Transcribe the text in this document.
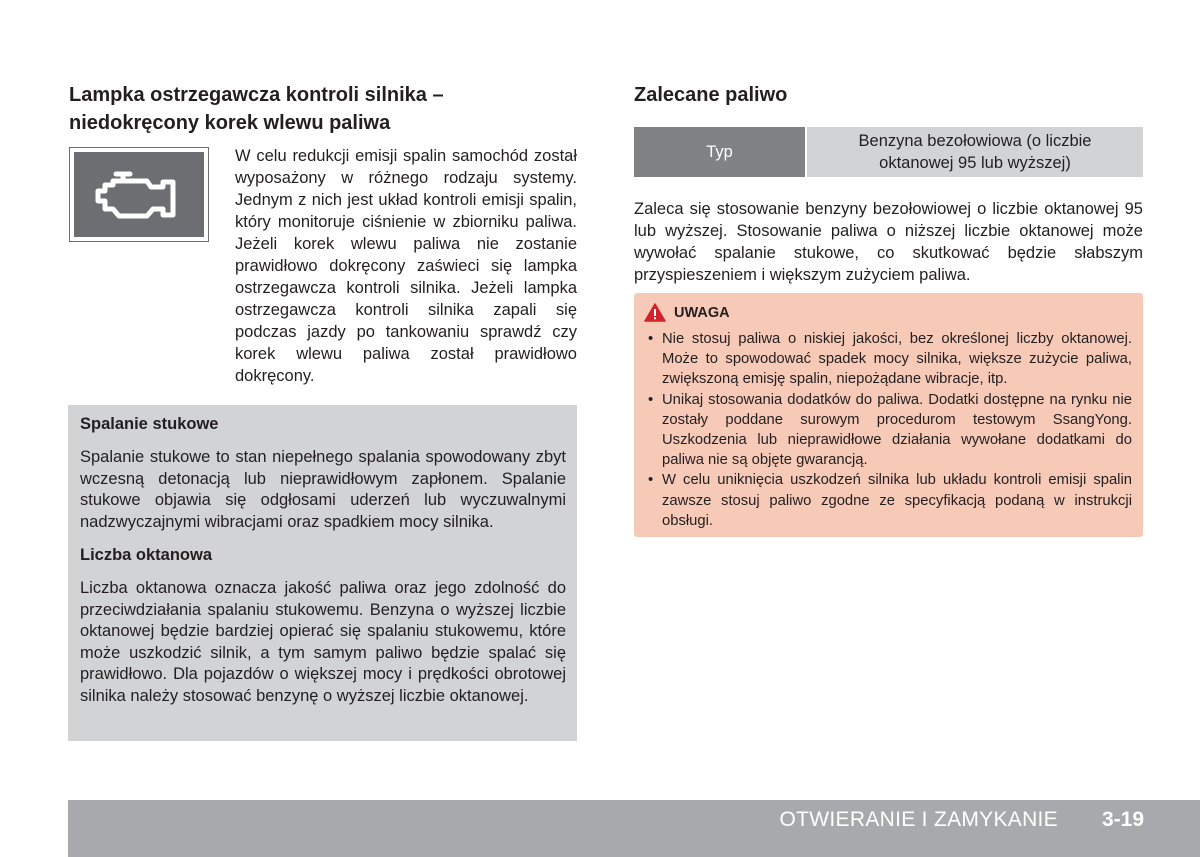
Lampka ostrzegawcza kontroli silnika –
niedokręcony korek wlewu paliwa
W celu redukcji emisji spalin samochód został wyposażony w różnego rodzaju systemy. Jednym z nich jest układ kontroli emisji spalin, który monitoruje ciśnienie w zbiorniku paliwa. Jeżeli korek wlewu paliwa nie zostanie prawidłowo dokręcony zaświeci się lampka ostrzegawcza kontroli silnika. Jeżeli lampka ostrzegawcza kontroli silnika zapali się podczas jazdy po tankowaniu sprawdź czy korek wlewu paliwa został prawidłowo dokręcony.
Spalanie stukowe
Spalanie stukowe to stan niepełnego spalania spowodowany zbyt wczesną detonacją lub nieprawidłowym zapłonem. Spalanie stukowe objawia się odgłosami uderzeń lub wyczuwalnymi nadzwyczajnymi wibracjami oraz spadkiem mocy silnika.
Liczba oktanowa
Liczba oktanowa oznacza jakość paliwa oraz jego zdolność do przeciwdziałania spalaniu stukowemu. Benzyna o wyższej liczbie oktanowej będzie bardziej opierać się spalaniu stukowemu, które może uszkodzić silnik, a tym samym paliwo będzie spalać się prawidłowo. Dla pojazdów o większej mocy i prędkości obrotowej silnika należy stosować benzynę o wyższej liczbie oktanowej.
Zalecane paliwo
Typ
Benzyna bezołowiowa (o liczbie
oktanowej 95 lub wyższej)
Zaleca się stosowanie benzyny bezołowiowej o liczbie oktanowej 95 lub wyższej. Stosowanie paliwa o niższej liczbie oktanowej może wywołać spalanie stukowe, co skutkować będzie słabszym przyspieszeniem i większym zużyciem paliwa.
UWAGA
• Nie stosuj paliwa o niskiej jakości, bez określonej liczby oktanowej. Może to spowodować spadek mocy silnika, większe zużycie paliwa, zwiększoną emisję spalin, niepożądane wibracje, itp.
• Unikaj stosowania dodatków do paliwa. Dodatki dostępne na rynku nie zostały poddane surowym procedurom testowym SsangYong. Uszkodzenia lub nieprawidłowe działania wywołane dodatkami do paliwa nie są objęte gwarancją.
• W celu uniknięcia uszkodzeń silnika lub układu kontroli emisji spalin zawsze stosuj paliwo zgodne ze specyfikacją podaną w instrukcji obsługi.
OTWIERANIE I ZAMYKANIE 3-19
